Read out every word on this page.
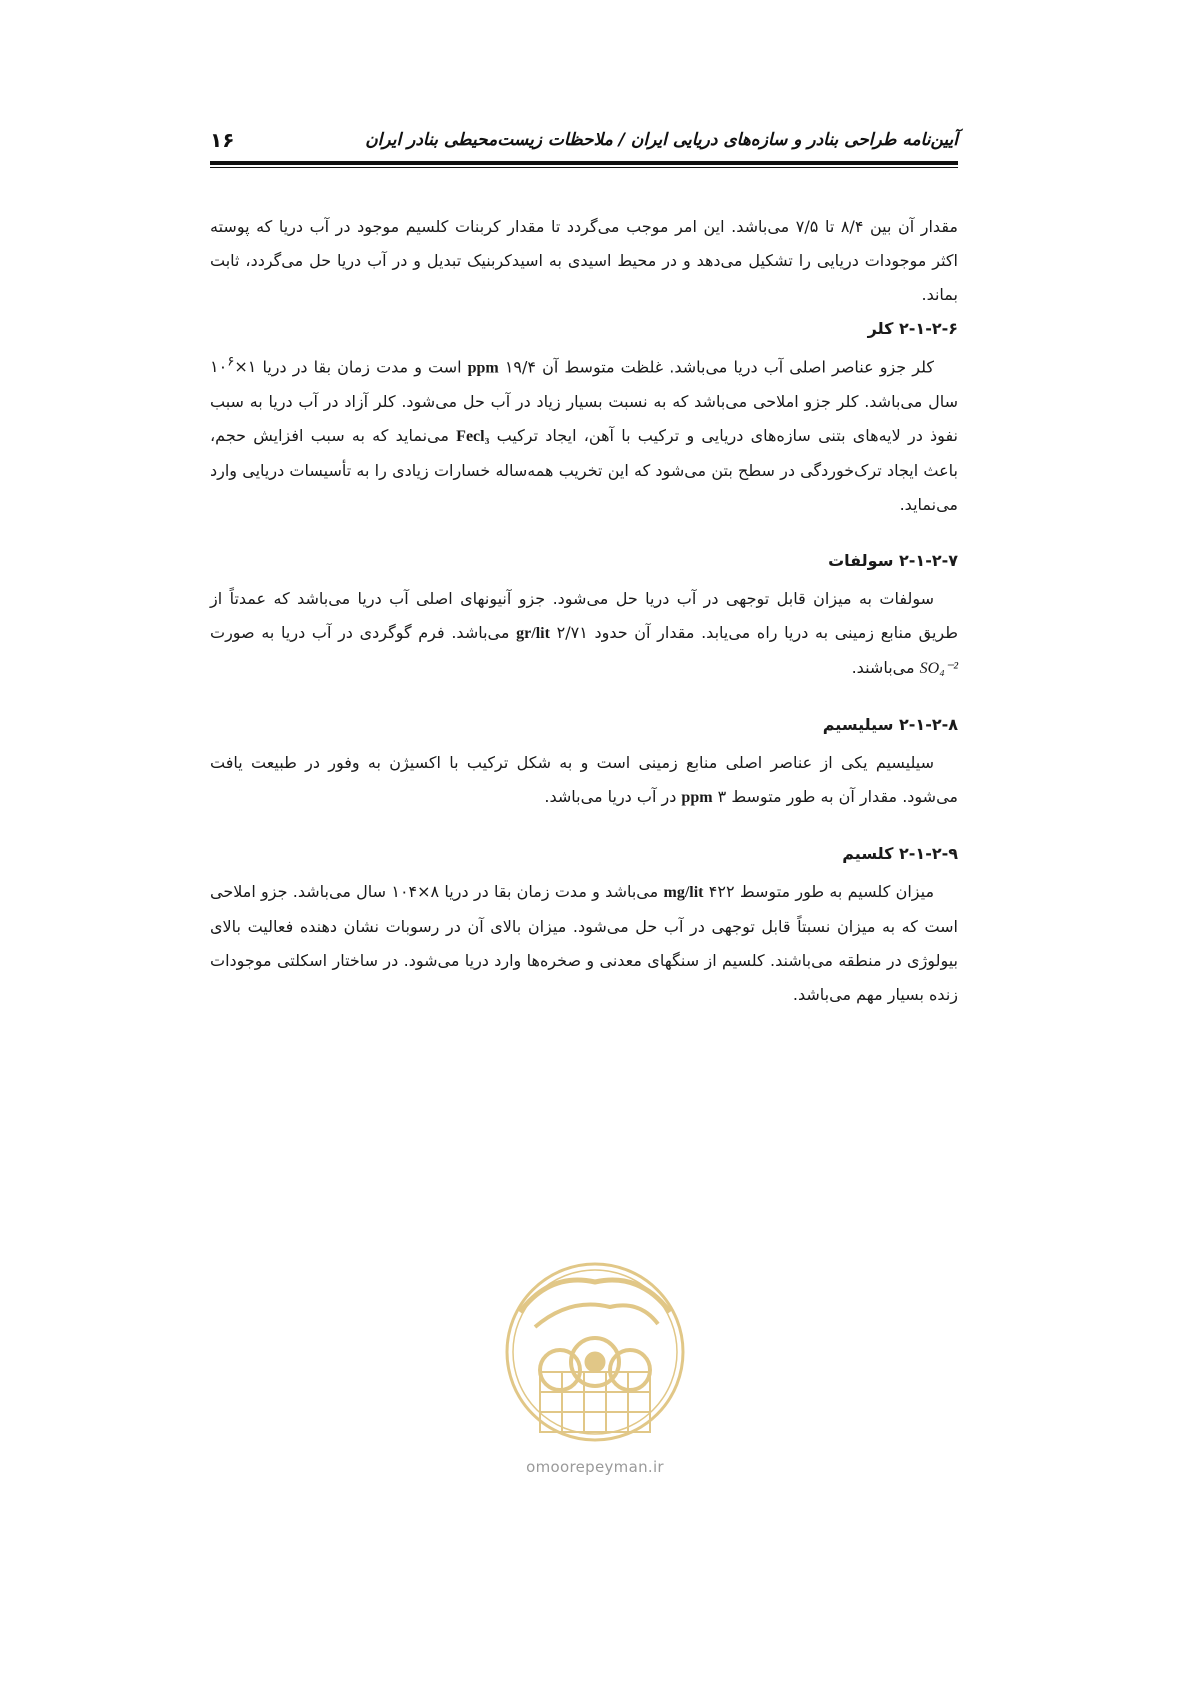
آیین‌نامه طراحی بنادر و سازه‌های دریایی ایران / ملاحظات زیست‌محیطی بنادر ایران
۱۶

مقدار آن بین ۸/۴ تا ۷/۵ می‌باشد. این امر موجب می‌گردد تا مقدار کربنات کلسیم موجود در آب دریا که پوسته اکثر موجودات دریایی را تشکیل می‌دهد و در محیط اسیدی به اسیدکربنیک تبدیل و در آب دریا حل می‌گردد، ثابت بماند.

۲-۱-۲-۶ کلر

کلر جزو عناصر اصلی آب دریا می‌باشد. غلظت متوسط آن ppm ۱۹/۴ است و مدت زمان بقا در دریا $۱\times ۱۰^۶$ سال می‌باشد. کلر جزو املاحی می‌باشد که به نسبت بسیار زیاد در آب حل می‌شود. کلر آزاد در آب دریا به سبب نفوذ در لایه‌های بتنی سازه‌های دریایی و ترکیب با آهن، ایجاد ترکیب Fecl₃ می‌نماید که به سبب افزایش حجم، باعث ایجاد ترک‌خوردگی در سطح بتن می‌شود که این تخریب همه‌ساله خسارات زیادی را به تأسیسات دریایی وارد می‌نماید.

۲-۱-۲-۷ سولفات

سولفات به میزان قابل توجهی در آب دریا حل می‌شود. جزو آنیونهای اصلی آب دریا می‌باشد که عمدتاً از طریق منابع زمینی به دریا راه می‌یابد. مقدار آن حدود gr/lit ۲/۷۱ می‌باشد. فرم گوگردی در آب دریا به صورت SO₄⁻² می‌باشند.

۲-۱-۲-۸ سیلیسیم

سیلیسیم یکی از عناصر اصلی منابع زمینی است و به شکل ترکیب با اکسیژن به وفور در طبیعت یافت می‌شود. مقدار آن به طور متوسط ppm ۳ در آب دریا می‌باشد.

۲-۱-۲-۹ کلسیم

میزان کلسیم به طور متوسط mg/lit ۴۲۲ می‌باشد و مدت زمان بقا در دریا ۸×۱۰۴ سال می‌باشد. جزو املاحی است که به میزان نسبتاً قابل توجهی در آب حل می‌شود. میزان بالای آن در رسوبات نشان دهنده فعالیت بالای بیولوژی در منطقه می‌باشند. کلسیم از سنگهای معدنی و صخره‌ها وارد دریا می‌شود. در ساختار اسکلتی موجودات زنده بسیار مهم می‌باشد.

omoorepeyman.ir
